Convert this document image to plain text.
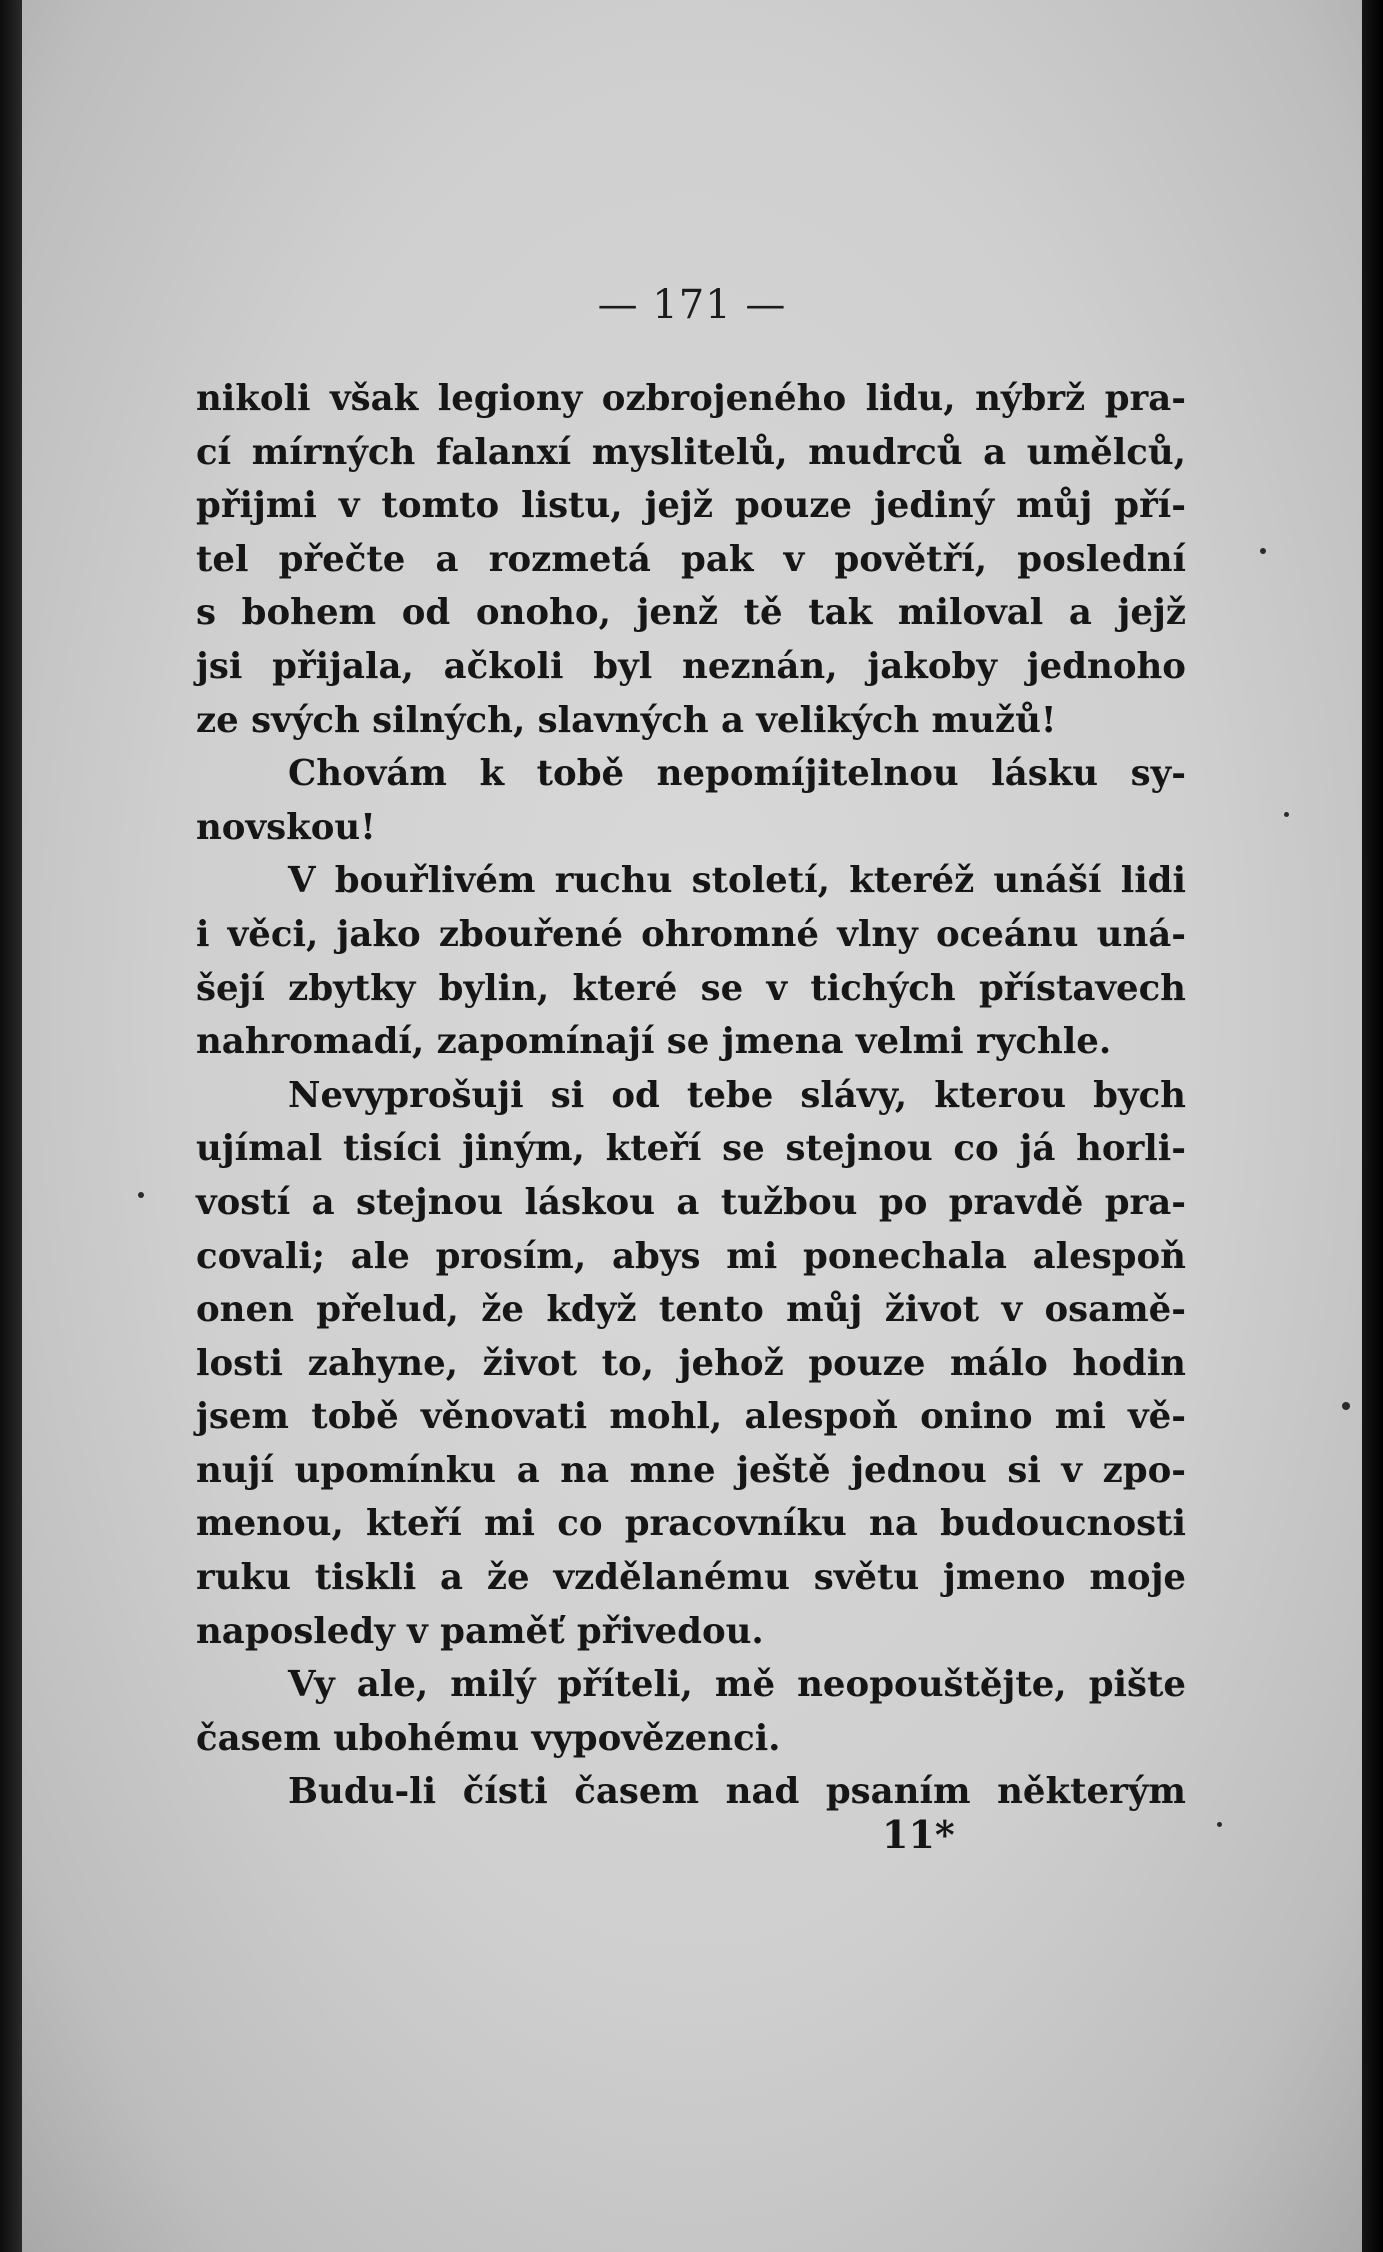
— 171 —
nikoli však legiony ozbrojeného lidu, nýbrž pra-
cí mírných falanxí myslitelů, mudrců a umělců,
přijmi v tomto listu, jejž pouze jediný můj pří-
tel přečte a rozmetá pak v povětří, poslední
s bohem od onoho, jenž tě tak miloval a jejž
jsi přijala, ačkoli byl neznán, jakoby jednoho
ze svých silných, slavných a velikých mužů!
Chovám k tobě nepomíjitelnou lásku sy-
novskou!
V bouřlivém ruchu století, kteréž unáší lidi
i věci, jako zbouřené ohromné vlny oceánu uná-
šejí zbytky bylin, které se v tichých přístavech
nahromadí, zapomínají se jmena velmi rychle.
Nevyprošuji si od tebe slávy, kterou bych
ujímal tisíci jiným, kteří se stejnou co já horli-
vostí a stejnou láskou a tužbou po pravdě pra-
covali; ale prosím, abys mi ponechala alespoň
onen přelud, že když tento můj život v osamě-
losti zahyne, život to, jehož pouze málo hodin
jsem tobě věnovati mohl, alespoň onino mi vě-
nují upomínku a na mne ještě jednou si v zpo-
menou, kteří mi co pracovníku na budoucnosti
ruku tiskli a že vzdělanému světu jmeno moje
naposledy v paměť přivedou.
Vy ale, milý příteli, mě neopouštějte, pište
časem ubohému vypovězenci.
Budu-li čísti časem nad psaním některým
11*
